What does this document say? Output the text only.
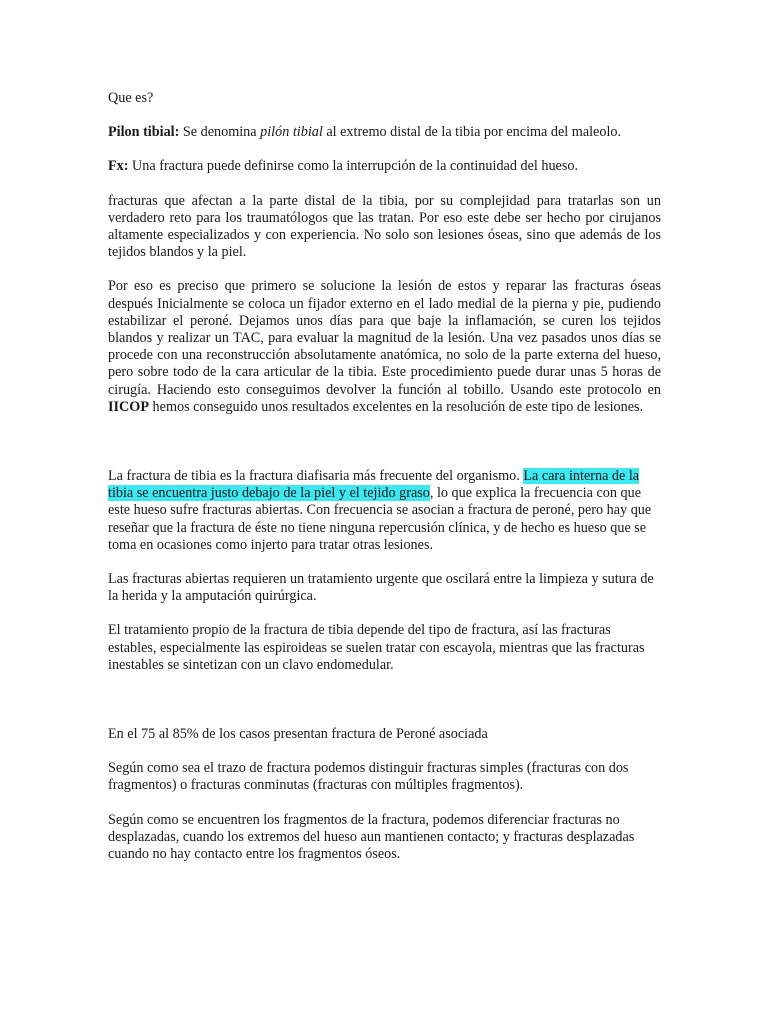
Que es?

Pilon tibial: Se denomina pilón tibial al extremo distal de la tibia por encima del maleolo.

Fx: Una fractura puede definirse como la interrupción de la continuidad del hueso.

fracturas que afectan a la parte distal de la tibia, por su complejidad para tratarlas son un verdadero reto para los traumatólogos que las tratan. Por eso este debe ser hecho por cirujanos altamente especializados y con experiencia. No solo son lesiones óseas, sino que además de los tejidos blandos y la piel.

Por eso es preciso que primero se solucione la lesión de estos y reparar las fracturas óseas después Inicialmente se coloca un fijador externo en el lado medial de la pierna y pie, pudiendo estabilizar el peroné. Dejamos unos días para que baje la inflamación, se curen los tejidos blandos y realizar un TAC, para evaluar la magnitud de la lesión. Una vez pasados unos días se procede con una reconstrucción absolutamente anatómica, no solo de la parte externa del hueso, pero sobre todo de la cara articular de la tibia. Este procedimiento puede durar unas 5 horas de cirugía. Haciendo esto conseguimos devolver la función al tobillo. Usando este protocolo en IICOP hemos conseguido unos resultados excelentes en la resolución de este tipo de lesiones.

La fractura de tibia es la fractura diafisaria más frecuente del organismo. La cara interna de la tibia se encuentra justo debajo de la piel y el tejido graso, lo que explica la frecuencia con que este hueso sufre fracturas abiertas. Con frecuencia se asocian a fractura de peroné, pero hay que reseñar que la fractura de éste no tiene ninguna repercusión clínica, y de hecho es hueso que se toma en ocasiones como injerto para tratar otras lesiones.

Las fracturas abiertas requieren un tratamiento urgente que oscilará entre la limpieza y sutura de la herida y la amputación quirúrgica.

El tratamiento propio de la fractura de tibia depende del tipo de fractura, así las fracturas estables, especialmente las espiroideas se suelen tratar con escayola, mientras que las fracturas inestables se sintetizan con un clavo endomedular.

En el 75 al 85% de los casos presentan fractura de Peroné asociada

Según como sea el trazo de fractura podemos distinguir fracturas simples (fracturas con dos fragmentos) o fracturas conminutas (fracturas con múltiples fragmentos).

Según como se encuentren los fragmentos de la fractura, podemos diferenciar fracturas no desplazadas, cuando los extremos del hueso aun mantienen contacto; y fracturas desplazadas cuando no hay contacto entre los fragmentos óseos.
